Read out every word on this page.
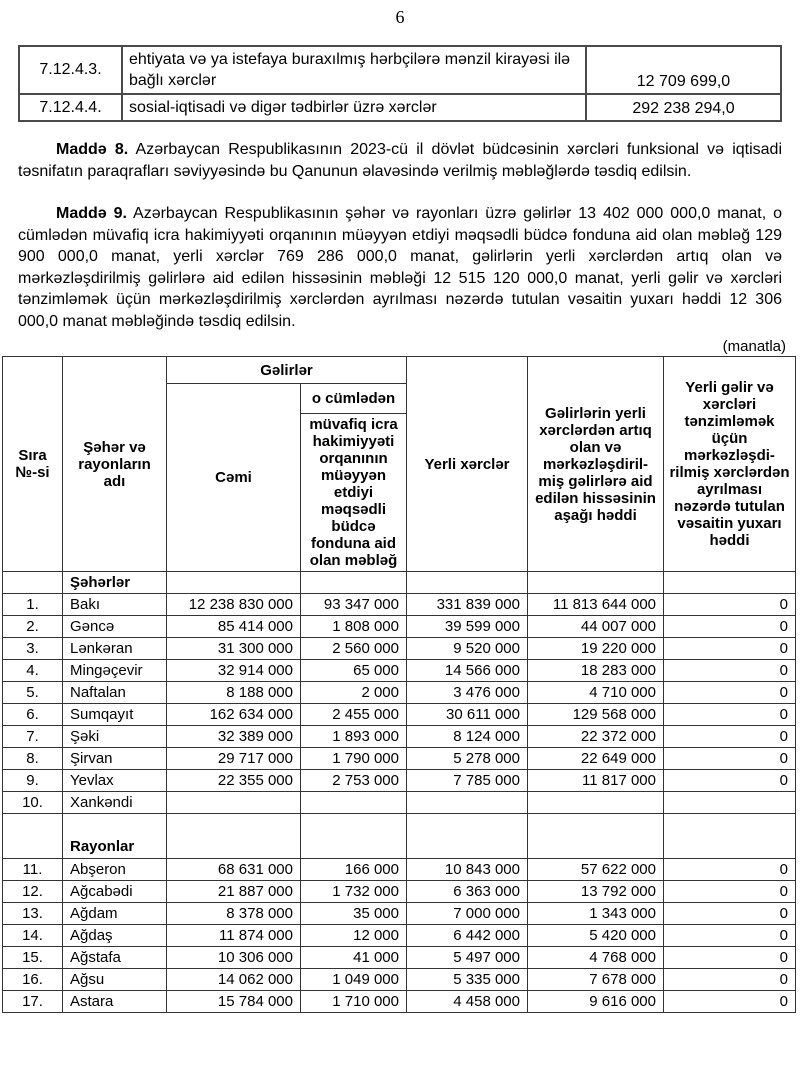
6
7.12.4.3.	ehtiyata və ya istefaya buraxılmış hərbçilərə mənzil kirayəsi ilə bağlı xərclər	12 709 699,0
7.12.4.4.	sosial-iqtisadi və digər tədbirlər üzrə xərclər	292 238 294,0

Maddə 8. Azərbaycan Respublikasının 2023-cü il dövlət büdcəsinin xərcləri funksional və iqtisadi təsnifatın paraqrafları səviyyəsində bu Qanunun əlavəsində verilmiş məbləğlərdə təsdiq edilsin.

Maddə 9. Azərbaycan Respublikasının şəhər və rayonları üzrə gəlirlər 13 402 000 000,0 manat, o cümlədən müvafiq icra hakimiyyəti orqanının müəyyən etdiyi məqsədli büdcə fonduna aid olan məbləğ 129 900 000,0 manat, yerli xərclər 769 286 000,0 manat, gəlirlərin yerli xərclərdən artıq olan və mərkəzləşdirilmiş gəlirlərə aid edilən hissəsinin məbləği 12 515 120 000,0 manat, yerli gəlir və xərcləri tənzimləmək üçün mərkəzləşdirilmiş xərclərdən ayrılması nəzərdə tutulan vəsaitin yuxarı həddi 12 306 000,0 manat məbləğində təsdiq edilsin.

(manatla)
Sıra №-si	Şəhər və rayonların adı	Gəlirlər		Yerli xərclər	Gəlirlərin yerli xərclərdən artıq olan və mərkəzləşdiril-miş gəlirlərə aid edilən hissəsinin aşağı həddi	Yerli gəlir və xərcləri tənzimləmək üçün mərkəzləşdi-rilmiş xərclərdən ayrılması nəzərdə tutulan vəsaitin yuxarı həddi
		Cəmi	o cümlədən			
			müvafiq icra hakimiyyəti orqanının müəyyən etdiyi məqsədli büdcə fonduna aid olan məbləğ			
	Şəhərlər					
1.	Bakı	12 238 830 000	93 347 000	331 839 000	11 813 644 000	0
2.	Gəncə	85 414 000	1 808 000	39 599 000	44 007 000	0
3.	Lənkəran	31 300 000	2 560 000	9 520 000	19 220 000	0
4.	Mingəçevir	32 914 000	65 000	14 566 000	18 283 000	0
5.	Naftalan	8 188 000	2 000	3 476 000	4 710 000	0
6.	Sumqayıt	162 634 000	2 455 000	30 611 000	129 568 000	0
7.	Şəki	32 389 000	1 893 000	8 124 000	22 372 000	0
8.	Şirvan	29 717 000	1 790 000	5 278 000	22 649 000	0
9.	Yevlax	22 355 000	2 753 000	7 785 000	11 817 000	0
10.	Xankəndi					
	Rayonlar					
11.	Abşeron	68 631 000	166 000	10 843 000	57 622 000	0
12.	Ağcabədi	21 887 000	1 732 000	6 363 000	13 792 000	0
13.	Ağdam	8 378 000	35 000	7 000 000	1 343 000	0
14.	Ağdaş	11 874 000	12 000	6 442 000	5 420 000	0
15.	Ağstafa	10 306 000	41 000	5 497 000	4 768 000	0
16.	Ağsu	14 062 000	1 049 000	5 335 000	7 678 000	0
17.	Astara	15 784 000	1 710 000	4 458 000	9 616 000	0
